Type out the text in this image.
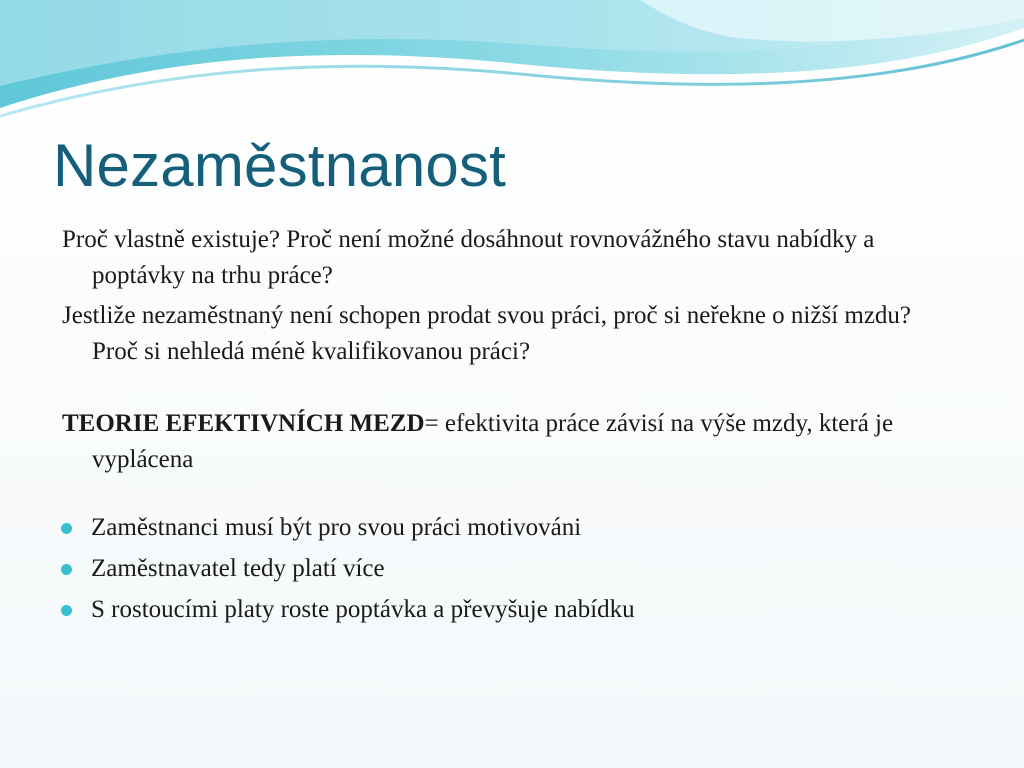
Nezaměstnanost

Proč vlastně existuje? Proč není možné dosáhnout rovnovážného stavu nabídky a poptávky na trhu práce?

Jestliže nezaměstnaný není schopen prodat svou práci, proč si neřekne o nižší mzdu? Proč si nehledá méně kvalifikovanou práci?

TEORIE EFEKTIVNÍCH MEZD= efektivita práce závisí na výše mzdy, která je vyplácena

Zaměstnanci musí být pro svou práci motivováni
Zaměstnavatel tedy platí více
S rostoucími platy roste poptávka a převyšuje nabídku
